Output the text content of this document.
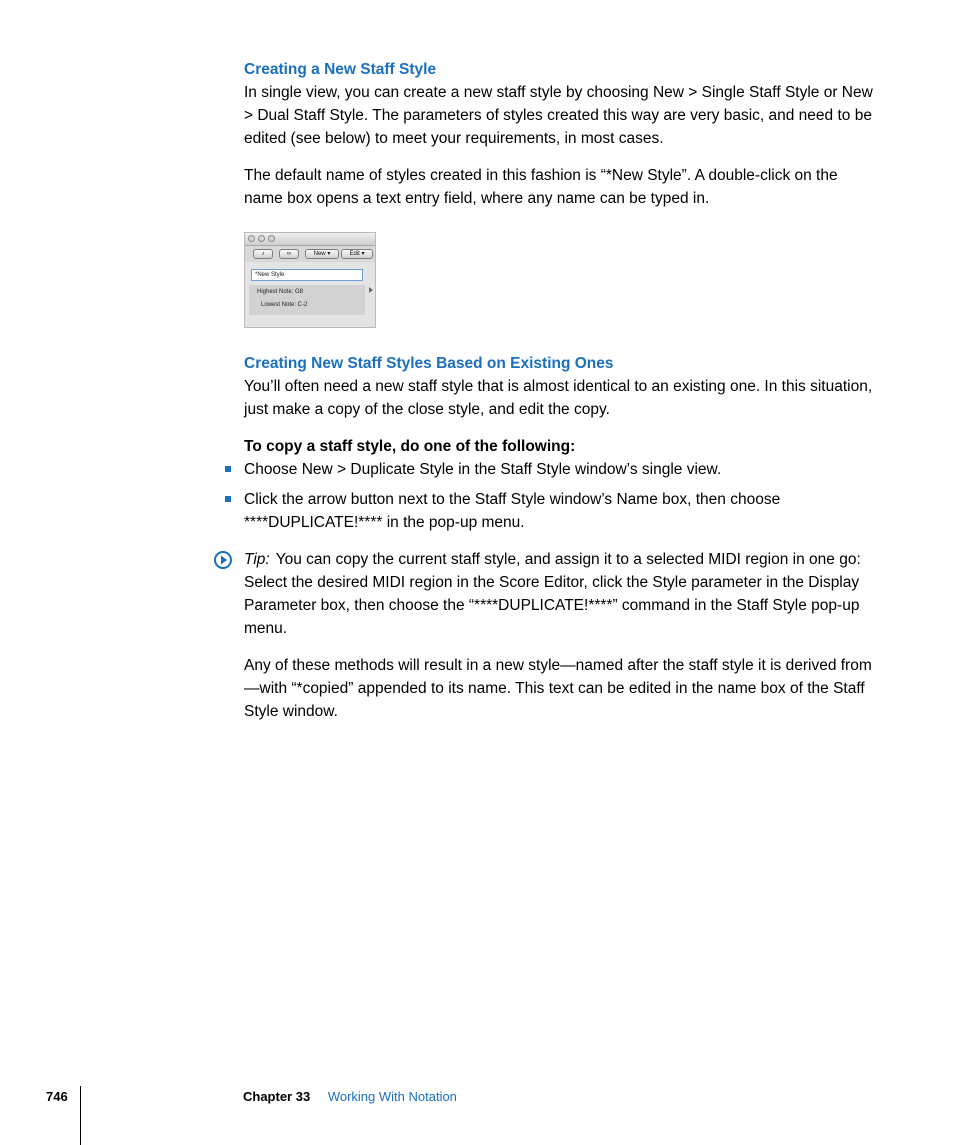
Creating a New Staff Style

In single view, you can create a new staff style by choosing New > Single Staff Style or New > Dual Staff Style. The parameters of styles created this way are very basic, and need to be edited (see below) to meet your requirements, in most cases.

The default name of styles created in this fashion is “*New Style”. A double-click on the name box opens a text entry field, where any name can be typed in.

♪	∞	New ▾	Edit ▾
*New Style
Highest Note: G8
Lowest Note: C-2
Creating New Staff Styles Based on Existing Ones

You’ll often need a new staff style that is almost identical to an existing one. In this situation, just make a copy of the close style, and edit the copy.

To copy a staff style, do one of the following:

Choose New > Duplicate Style in the Staff Style window’s single view.
Click the arrow button next to the Staff Style window’s Name box, then choose ****DUPLICATE!**** in the pop-up menu.

Tip: You can copy the current staff style, and assign it to a selected MIDI region in one go: Select the desired MIDI region in the Score Editor, click the Style parameter in the Display Parameter box, then choose the “****DUPLICATE!****” command in the Staff Style pop-up menu.

Any of these methods will result in a new style—named after the staff style it is derived from—with “*copied” appended to its name. This text can be edited in the name box of the Staff Style window.

746	Chapter 33 Working With Notation
